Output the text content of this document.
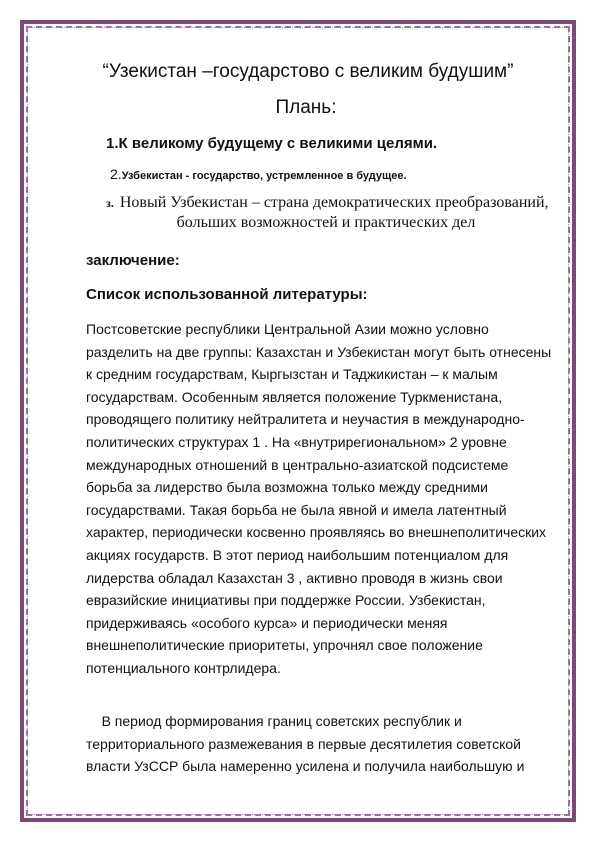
“Узекистан –государстово с великим будушим”
Плань:
1.К великому будущему с великими целями.
2.Узбекистан - государство, устремленное в будущее.
з. Новый Узбекистан – страна демократических преобразований,
больших возможностей и практических дел
заключение:
Список использованной литературы:
Постсоветские республики Центральной Азии можно условно разделить на две группы: Казахстан и Узбекистан могут быть отнесены к средним государствам, Кыргызстан и Таджикистан – к малым государствам. Особенным является положение Туркменистана, проводящего политику нейтралитета и неучастия в международно-политических структурах 1 . На «внутрирегиональном» 2 уровне международных отношений в центрально-азиатской подсистеме борьба за лидерство была возможна только между средними государствами. Такая борьба не была явной и имела латентный характер, периодически косвенно проявляясь во внешнеполитических акциях государств. В этот период наибольшим потенциалом для лидерства обладал Казахстан 3 , активно проводя в жизнь свои евразийские инициативы при поддержке России. Узбекистан, придерживаясь «особого курса» и периодически меняя внешнеполитические приоритеты, упрочнял свое положение потенциального контрлидера.
В период формирования границ советских республик и территориального размежевания в первые десятилетия советской власти УзССР была намеренно усилена и получила наибольшую и
